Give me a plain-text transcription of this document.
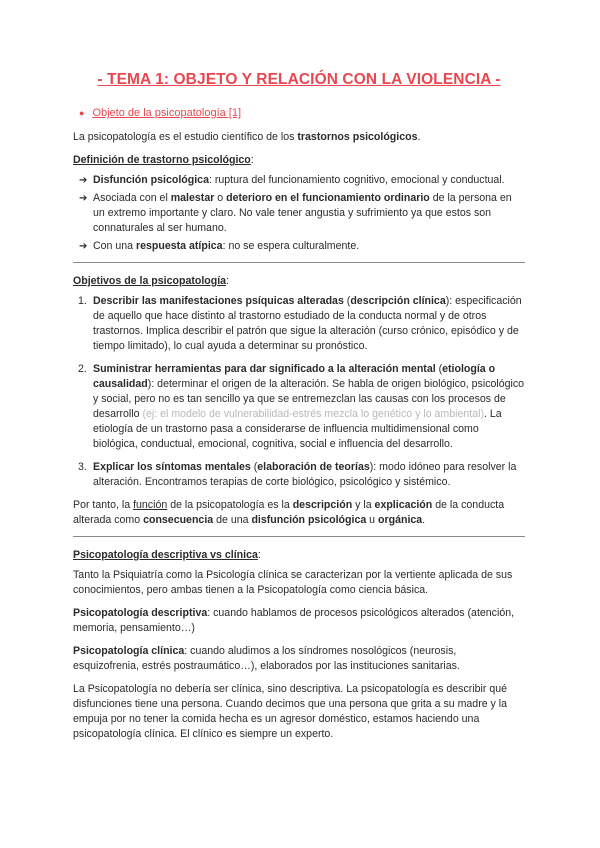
- TEMA 1: OBJETO Y RELACIÓN CON LA VIOLENCIA -
● Objeto de la psicopatología [1]

La psicopatología es el estudio científico de los trastornos psicológicos.

Definición de trastorno psicológico:

➔ Disfunción psicológica: ruptura del funcionamiento cognitivo, emocional y conductual.
➔ Asociada con el malestar o deterioro en el funcionamiento ordinario de la persona en un extremo importante y claro. No vale tener angustia y sufrimiento ya que estos son connaturales al ser humano.
➔ Con una respuesta atípica: no se espera culturalmente.

Objetivos de la psicopatología:

1. Describir las manifestaciones psíquicas alteradas (descripción clínica): especificación de aquello que hace distinto al trastorno estudiado de la conducta normal y de otros trastornos. Implica describir el patrón que sigue la alteración (curso crónico, episódico y de tiempo limitado), lo cual ayuda a determinar su pronóstico.
2. Suministrar herramientas para dar significado a la alteración mental (etiología o causalidad): determinar el origen de la alteración. Se habla de origen biológico, psicológico y social, pero no es tan sencillo ya que se entremezclan las causas con los procesos de desarrollo (ej: el modelo de vulnerabilidad-estrés mezcla lo genético y lo ambiental). La etiología de un trastorno pasa a considerarse de influencia multidimensional como biológica, conductual, emocional, cognitiva, social e influencia del desarrollo.
3. Explicar los síntomas mentales (elaboración de teorías): modo idóneo para resolver la alteración. Encontramos terapias de corte biológico, psicológico y sistémico.

Por tanto, la función de la psicopatología es la descripción y la explicación de la conducta alterada como consecuencia de una disfunción psicológica u orgánica.

Psicopatología descriptiva vs clínica:

Tanto la Psiquiatría como la Psicología clínica se caracterizan por la vertiente aplicada de sus conocimientos, pero ambas tienen a la Psicopatología como ciencia básica.

Psicopatología descriptiva: cuando hablamos de procesos psicológicos alterados (atención, memoria, pensamiento…)

Psicopatología clínica: cuando aludimos a los síndromes nosológicos (neurosis, esquizofrenia, estrés postraumático…), elaborados por las instituciones sanitarias.

La Psicopatología no debería ser clínica, sino descriptiva. La psicopatología es describir qué disfunciones tiene una persona. Cuando decimos que una persona que grita a su madre y la empuja por no tener la comida hecha es un agresor doméstico, estamos haciendo una psicopatología clínica. El clínico es siempre un experto.
